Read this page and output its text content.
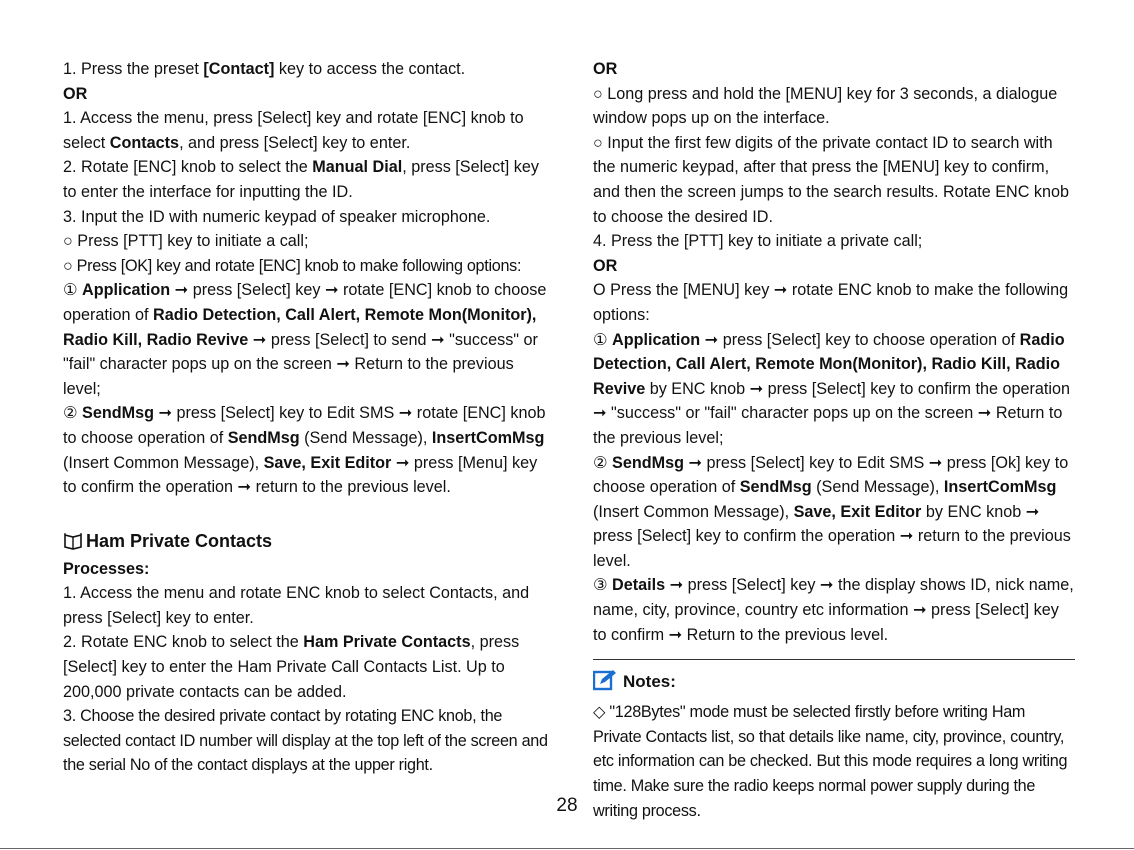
1. Press the preset [Contact] key to access the contact.

OR

1. Access the menu, press [Select] key and rotate [ENC] knob to select Contacts, and press [Select] key to enter.

2. Rotate [ENC] knob to select the Manual Dial, press [Select] key to enter the interface for inputting the ID.

3. Input the ID with numeric keypad of speaker microphone.

○ Press [PTT] key to initiate a call;

○ Press [OK] key and rotate [ENC] knob to make following options:

① Application ➞ press [Select] key ➞ rotate [ENC] knob to choose operation of Radio Detection, Call Alert, Remote Mon(Monitor), Radio Kill, Radio Revive ➞ press [Select] to send ➞ "success" or "fail" character pops up on the screen ➞ Return to the previous level;

② SendMsg ➞ press [Select] key to Edit SMS ➞ rotate [ENC] knob to choose operation of SendMsg (Send Message), InsertComMsg (Insert Common Message), Save, Exit Editor ➞ press [Menu] key to confirm the operation ➞ return to the previous level.

Ham Private Contacts

Processes:

1. Access the menu and rotate ENC knob to select Contacts, and press [Select] key to enter.

2. Rotate ENC knob to select the Ham Private Contacts, press [Select] key to enter the Ham Private Call Contacts List. Up to 200,000 private contacts can be added.

3. Choose the desired private contact by rotating ENC knob, the selected contact ID number will display at the top left of the screen and the serial No of the contact displays at the upper right.

OR

○ Long press and hold the [MENU] key for 3 seconds, a dialogue window pops up on the interface.

○ Input the first few digits of the private contact ID to search with the numeric keypad, after that press the [MENU] key to confirm, and then the screen jumps to the search results. Rotate ENC knob to choose the desired ID.

4. Press the [PTT] key to initiate a private call;

OR

O Press the [MENU] key ➞ rotate ENC knob to make the following options:

① Application ➞ press [Select] key to choose operation of Radio Detection, Call Alert, Remote Mon(Monitor), Radio Kill, Radio Revive by ENC knob ➞ press [Select] key to confirm the operation ➞ "success" or "fail" character pops up on the screen ➞ Return to the previous level;

② SendMsg ➞ press [Select] key to Edit SMS ➞ press [Ok] key to choose operation of SendMsg (Send Message), InsertComMsg (Insert Common Message), Save, Exit Editor by ENC knob ➞ press [Select] key to confirm the operation ➞ return to the previous level.

③ Details ➞ press [Select] key ➞ the display shows ID, nick name, name, city, province, country etc information ➞ press [Select] key to confirm ➞ Return to the previous level.

Notes:

◇ "128Bytes" mode must be selected firstly before writing Ham Private Contacts list, so that details like name, city, province, country, etc information can be checked. But this mode requires a long writing time. Make sure the radio keeps normal power supply during the writing process.

28
